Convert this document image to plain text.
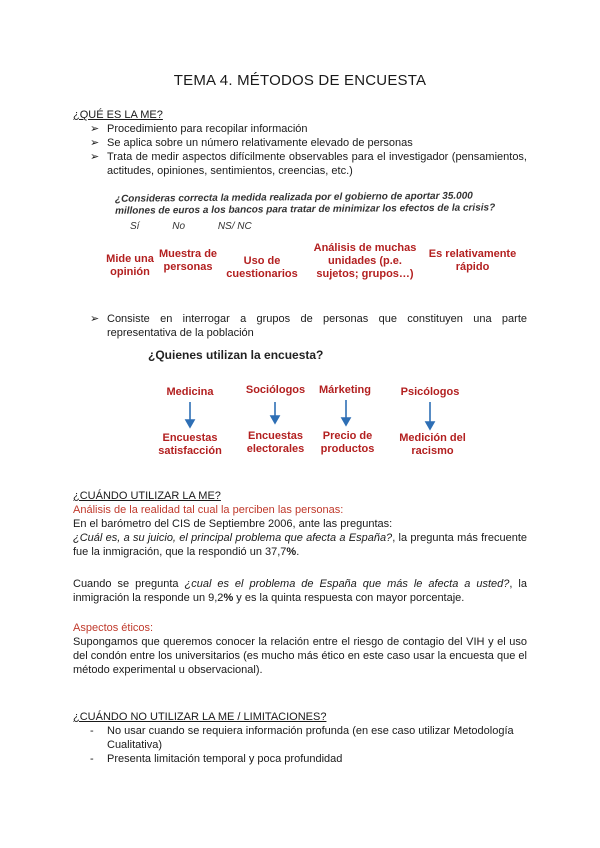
TEMA 4. MÉTODOS DE ENCUESTA
¿QUÉ ES LA ME?
➢ Procedimiento para recopilar información
➢ Se aplica sobre un número relativamente elevado de personas
➢ Trata de medir aspectos difícilmente observables para el investigador (pensamientos, actitudes, opiniones, sentimientos, creencias, etc.)
¿Consideras correcta la medida realizada por el gobierno de aportar 35.000 millones de euros a los bancos para tratar de minimizar los efectos de la crisis?
Sí	No	NS/ NC
Mide una opinión
Muestra de personas	Uso de cuestionarios
Análisis de muchas unidades (p.e. sujetos; grupos…)
Es relativamente rápido
➢ Consiste en interrogar a grupos de personas que constituyen una parte representativa de la población
¿Quienes utilizan la encuesta?
Medicina	Sociólogos	Márketing	Psicólogos
Encuestas satisfacción
Encuestas electorales
Precio de productos
Medición del racismo
¿CUÁNDO UTILIZAR LA ME?
Análisis de la realidad tal cual la perciben las personas:
En el barómetro del CIS de Septiembre 2006, ante las preguntas:
¿Cuál es, a su juicio, el principal problema que afecta a España?, la pregunta más frecuente fue la inmigración, que la respondió un 37,7%.
Cuando se pregunta ¿cual es el problema de España que más le afecta a usted?, la inmigración la responde un 9,2% y es la quinta respuesta con mayor porcentaje.
Aspectos éticos:
Supongamos que queremos conocer la relación entre el riesgo de contagio del VIH y el uso del condón entre los universitarios (es mucho más ético en este caso usar la encuesta que el método experimental u observacional).
¿CUÁNDO NO UTILIZAR LA ME / LIMITACIONES?
- No usar cuando se requiera información profunda (en ese caso utilizar Metodología Cualitativa)
- Presenta limitación temporal y poca profundidad
